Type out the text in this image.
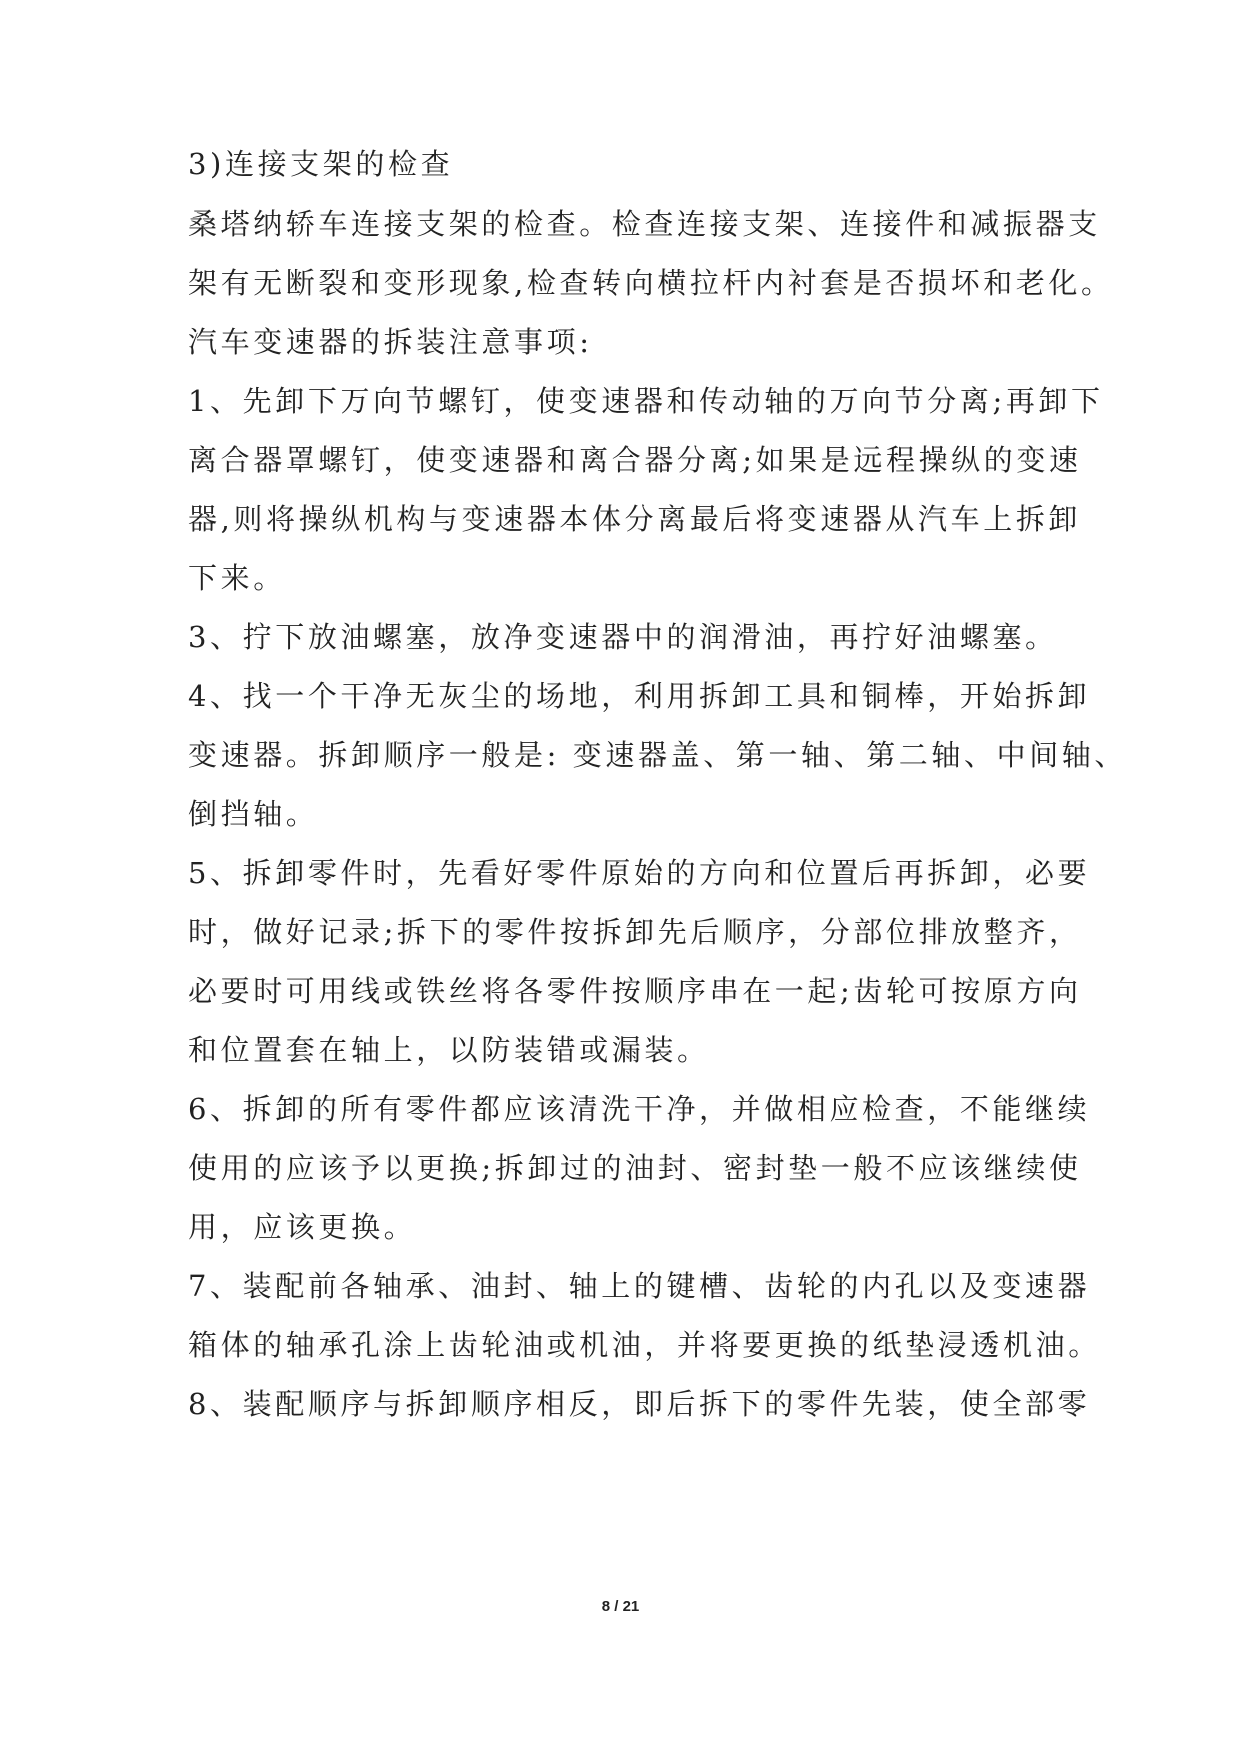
3)连接支架的检查
桑塔纳轿车连接支架的检查。检查连接支架、连接件和减振器支
架有无断裂和变形现象,检查转向横拉杆内衬套是否损坏和老化。
汽车变速器的拆装注意事项:
1、先卸下万向节螺钉，使变速器和传动轴的万向节分离;再卸下
离合器罩螺钉，使变速器和离合器分离;如果是远程操纵的变速
器,则将操纵机构与变速器本体分离最后将变速器从汽车上拆卸
下来。
3、拧下放油螺塞，放净变速器中的润滑油，再拧好油螺塞。
4、找一个干净无灰尘的场地，利用拆卸工具和铜棒，开始拆卸
变速器。拆卸顺序一般是: 变速器盖、第一轴、第二轴、中间轴、
倒挡轴。
5、拆卸零件时，先看好零件原始的方向和位置后再拆卸，必要
时，做好记录;拆下的零件按拆卸先后顺序，分部位排放整齐，
必要时可用线或铁丝将各零件按顺序串在一起;齿轮可按原方向
和位置套在轴上，以防装错或漏装。
6、拆卸的所有零件都应该清洗干净，并做相应检查，不能继续
使用的应该予以更换;拆卸过的油封、密封垫一般不应该继续使
用，应该更换。
7、装配前各轴承、油封、轴上的键槽、齿轮的内孔以及变速器
箱体的轴承孔涂上齿轮油或机油，并将要更换的纸垫浸透机油。
8、装配顺序与拆卸顺序相反，即后拆下的零件先装，使全部零
8 / 21
